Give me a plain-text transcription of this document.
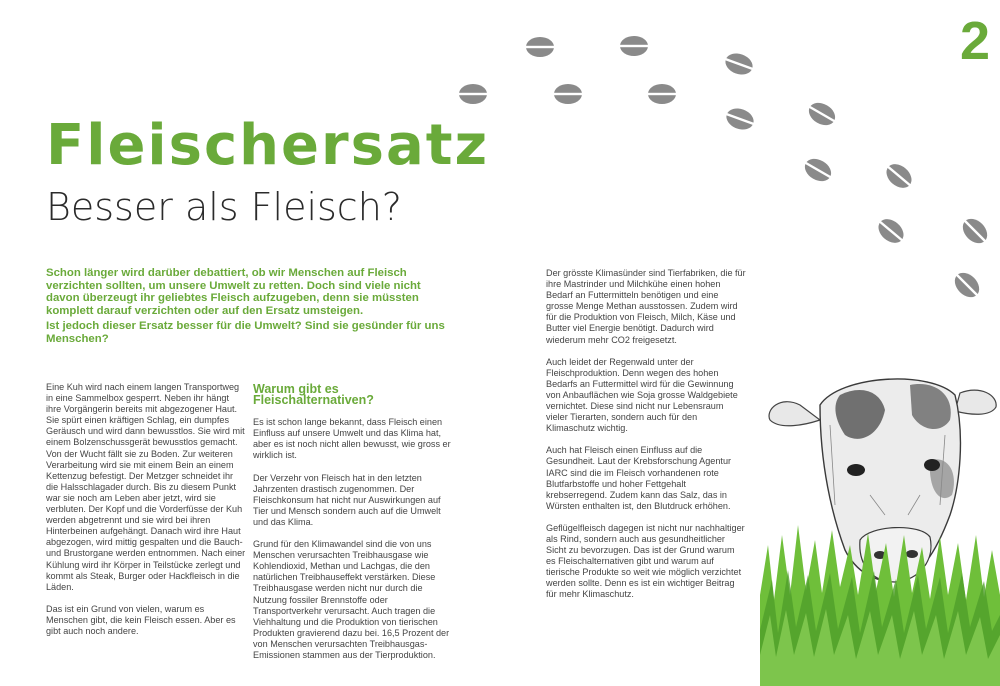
2
Fleischersatz
Besser als Fleisch?

Schon länger wird darüber debattiert, ob wir Menschen auf Fleisch verzichten sollten, um unsere Umwelt zu retten. Doch sind viele nicht davon überzeugt ihr geliebtes Fleisch aufzugeben, denn sie müssten komplett darauf verzichten oder auf den Ersatz umsteigen.

Ist jedoch dieser Ersatz besser für die Umwelt? Sind sie gesünder für uns Menschen?

Eine Kuh wird nach einem langen Transportweg in eine Sammelbox gesperrt. Neben ihr hängt ihre Vorgängerin bereits mit abgezogener Haut. Sie spürt einen kräftigen Schlag, ein dumpfes Geräusch und wird dann bewusstlos. Sie wird mit einem Bolzenschussgerät bewusstlos gemacht. Von der Wucht fällt sie zu Boden. Zur weiteren Verarbeitung wird sie mit einem Bein an einem Kettenzug befestigt. Der Metzger schneidet ihr die Halsschlagader durch. Bis zu diesem Punkt war sie noch am Leben aber jetzt, wird sie verbluten. Der Kopf und die Vorderfüsse der Kuh werden abgetrennt und sie wird bei ihren Hinterbeinen aufgehängt. Danach wird ihre Haut abgezogen, wird mittig gespalten und die Bauch- und Brustorgane werden entnommen. Nach einer Kühlung wird ihr Körper in Teilstücke zerlegt und kommt als Steak, Burger oder Hackfleisch in die Läden.

Das ist ein Grund von vielen, warum es Menschen gibt, die kein Fleisch essen. Aber es gibt auch noch andere.

Warum gibt es Fleischalternativen?

Es ist schon lange bekannt, dass Fleisch einen Einfluss auf unsere Umwelt und das Klima hat, aber es ist noch nicht allen bewusst, wie gross er wirklich ist.

Der Verzehr von Fleisch hat in den letzten Jahrzenten drastisch zugenommen. Der Fleischkonsum hat nicht nur Auswirkungen auf Tier und Mensch sondern auch auf die Umwelt und das Klima.

Grund für den Klimawandel sind die von uns Menschen verursachten Treibhausgase wie Kohlendioxid, Methan und Lachgas, die den natürlichen Treibhauseffekt verstärken. Diese Treibhausgase werden nicht nur durch die Nutzung fossiler Brennstoffe oder Transportverkehr verursacht. Auch tragen die Viehhaltung und die Produktion von tierischen Produkten gravierend dazu bei. 16,5 Prozent der von Menschen verursachten Treibhausgas-Emissionen stammen aus der Tierproduktion.

Der grösste Klimasünder sind Tierfabriken, die für ihre Mastrinder und Milchkühe einen hohen Bedarf an Futtermitteln benötigen und eine grosse Menge Methan ausstossen. Zudem wird für die Produktion von Fleisch, Milch, Käse und Butter viel Energie benötigt. Dadurch wird wiederum mehr CO2 freigesetzt.

Auch leidet der Regenwald unter der Fleischproduktion. Denn wegen des hohen Bedarfs an Futtermittel wird für die Gewinnung von Anbauflächen wie Soja grosse Waldgebiete vernichtet. Diese sind nicht nur Lebensraum vieler Tierarten, sondern auch für den Klimaschutz wichtig.

Auch hat Fleisch einen Einfluss auf die Gesundheit. Laut der Krebsforschung Agentur IARC sind die im Fleisch vorhandenen rote Blutfarbstoffe und hoher Fettgehalt krebserregend. Zudem kann das Salz, das in Würsten enthalten ist, den Blutdruck erhöhen.

Geflügelfleisch dagegen ist nicht nur nachhaltiger als Rind, sondern auch aus gesundheitlicher Sicht zu bevorzugen. Das ist der Grund warum es Fleischalternativen gibt und warum auf tierische Produkte so weit wie möglich verzichtet werden sollte. Denn es ist ein wichtiger Beitrag für mehr Klimaschutz.
